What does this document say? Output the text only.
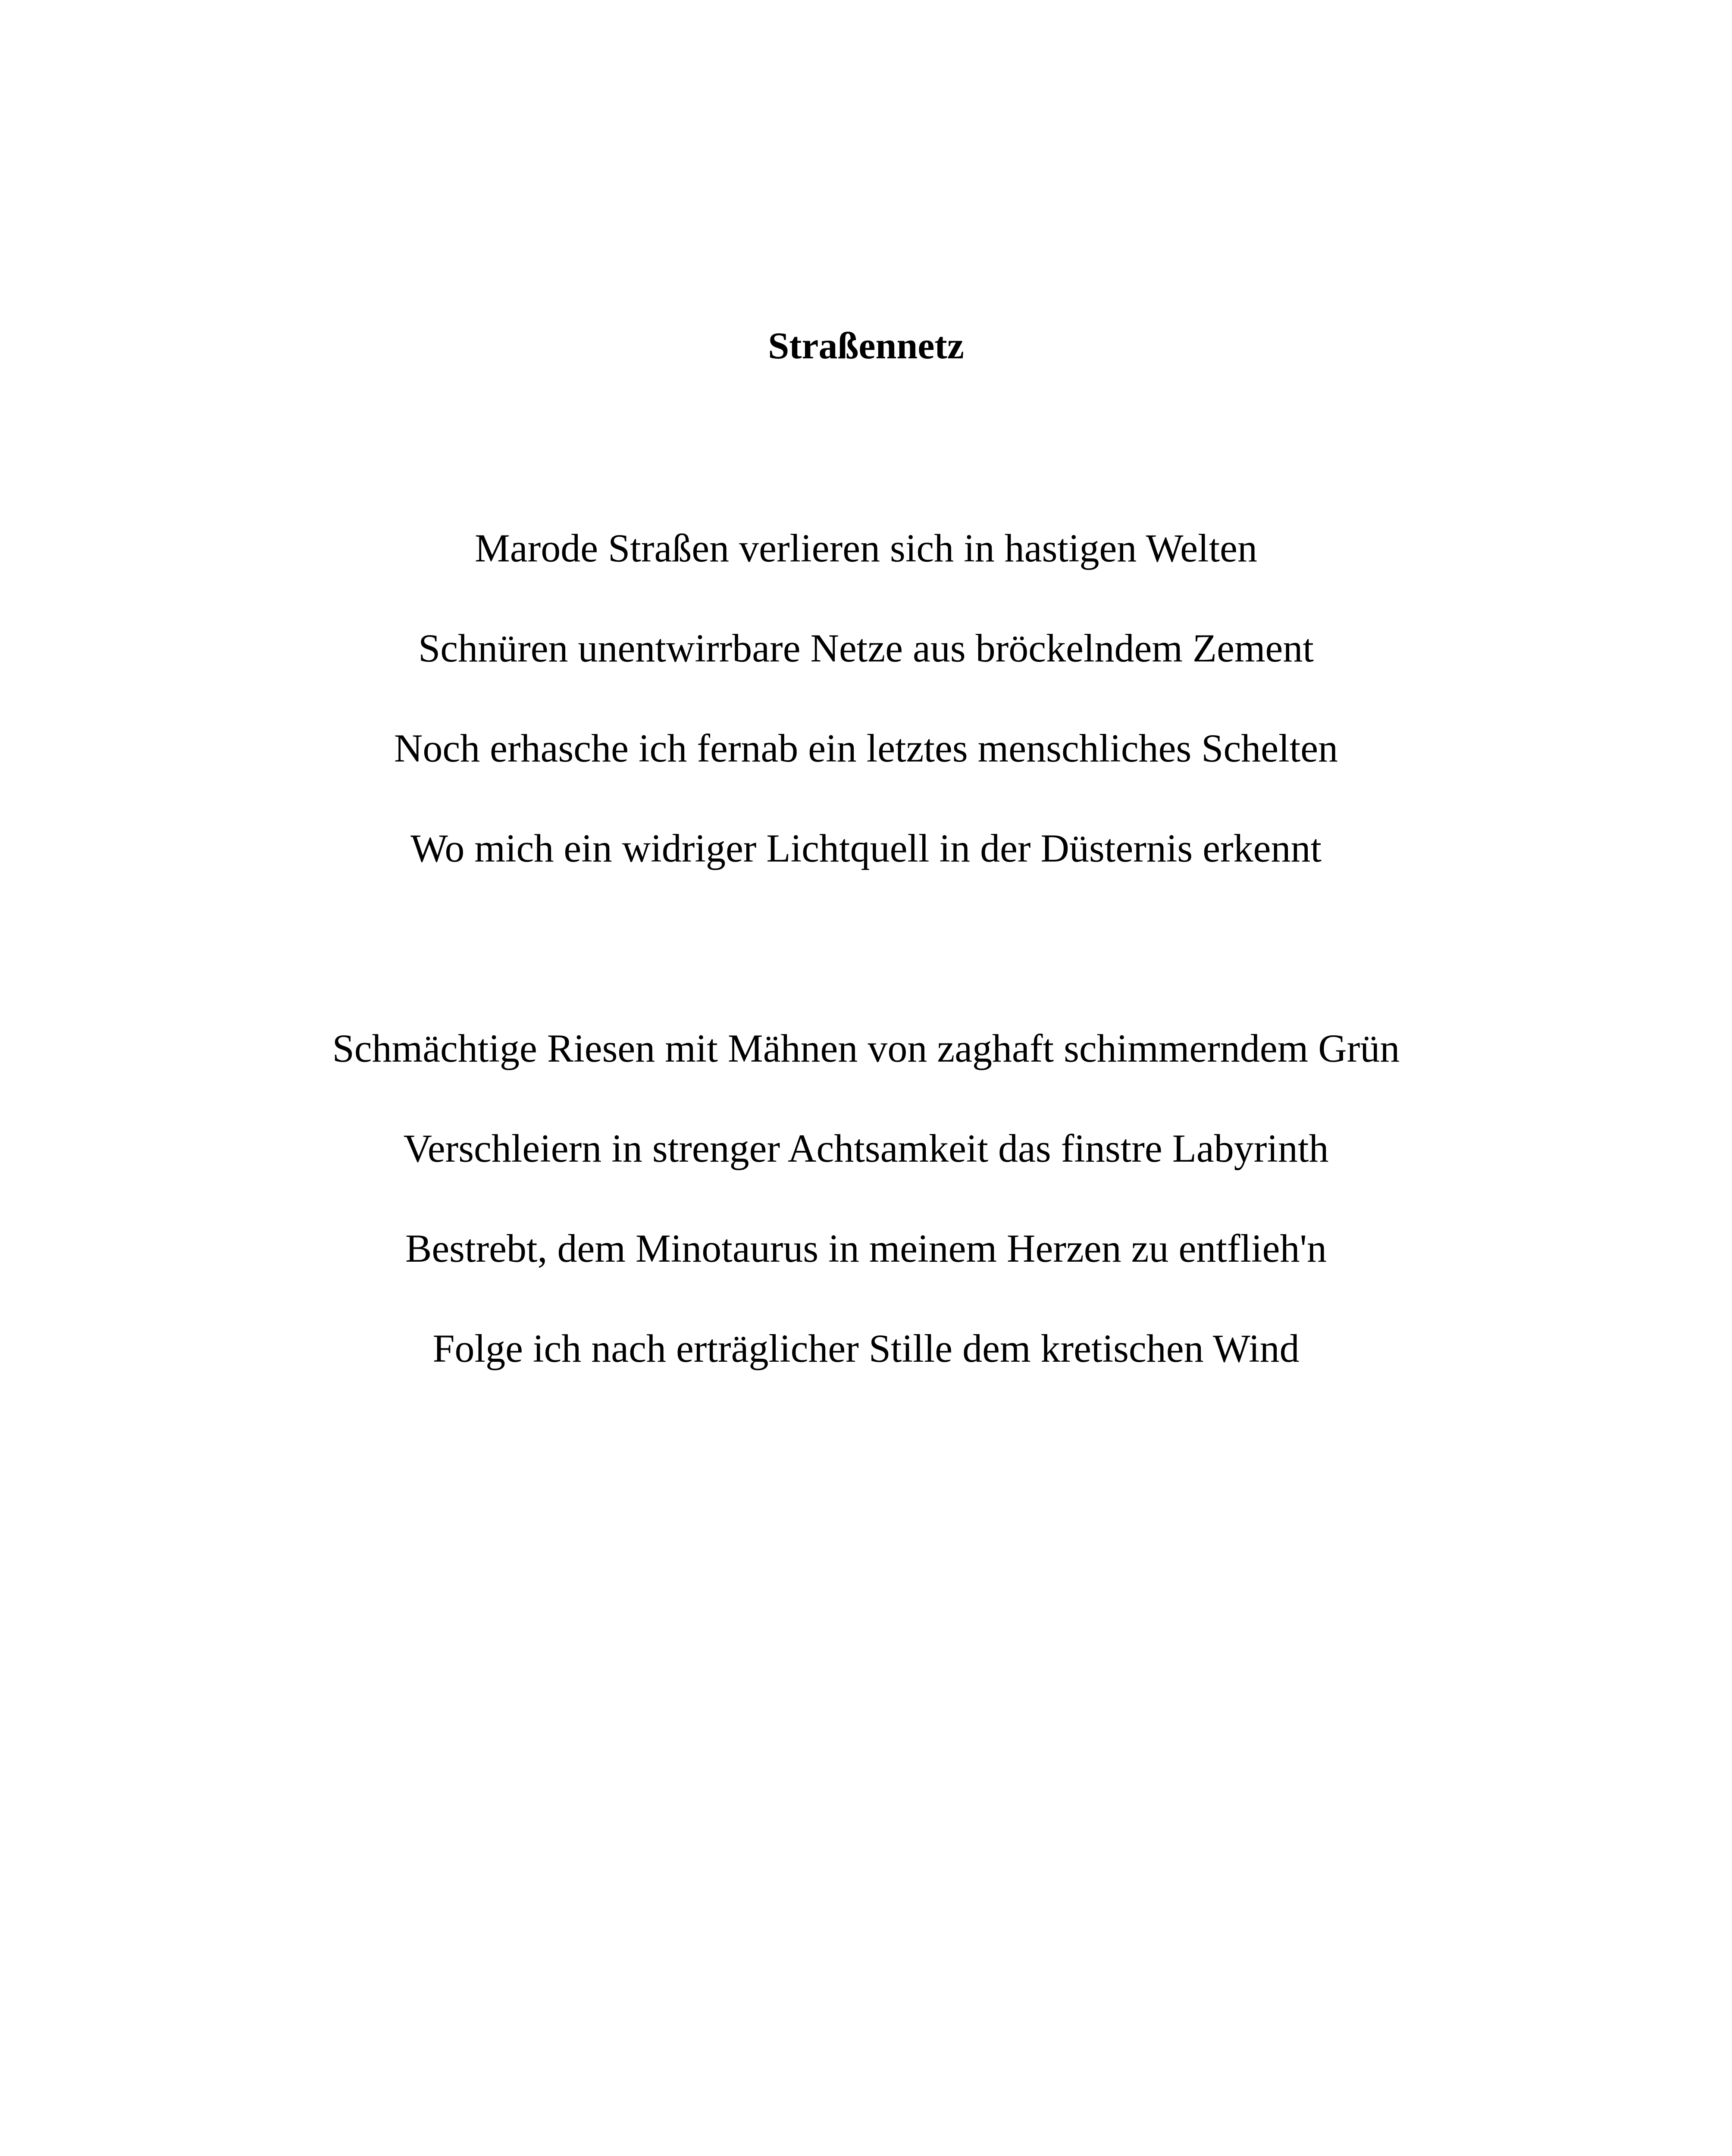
Straßennetz
Marode Straßen verlieren sich in hastigen Welten
Schnüren unentwirrbare Netze aus bröckelndem Zement
Noch erhasche ich fernab ein letztes menschliches Schelten
Wo mich ein widriger Lichtquell in der Düsternis erkennt
Schmächtige Riesen mit Mähnen von zaghaft schimmerndem Grün
Verschleiern in strenger Achtsamkeit das finstre Labyrinth
Bestrebt, dem Minotaurus in meinem Herzen zu entflieh'n
Folge ich nach erträglicher Stille dem kretischen Wind
